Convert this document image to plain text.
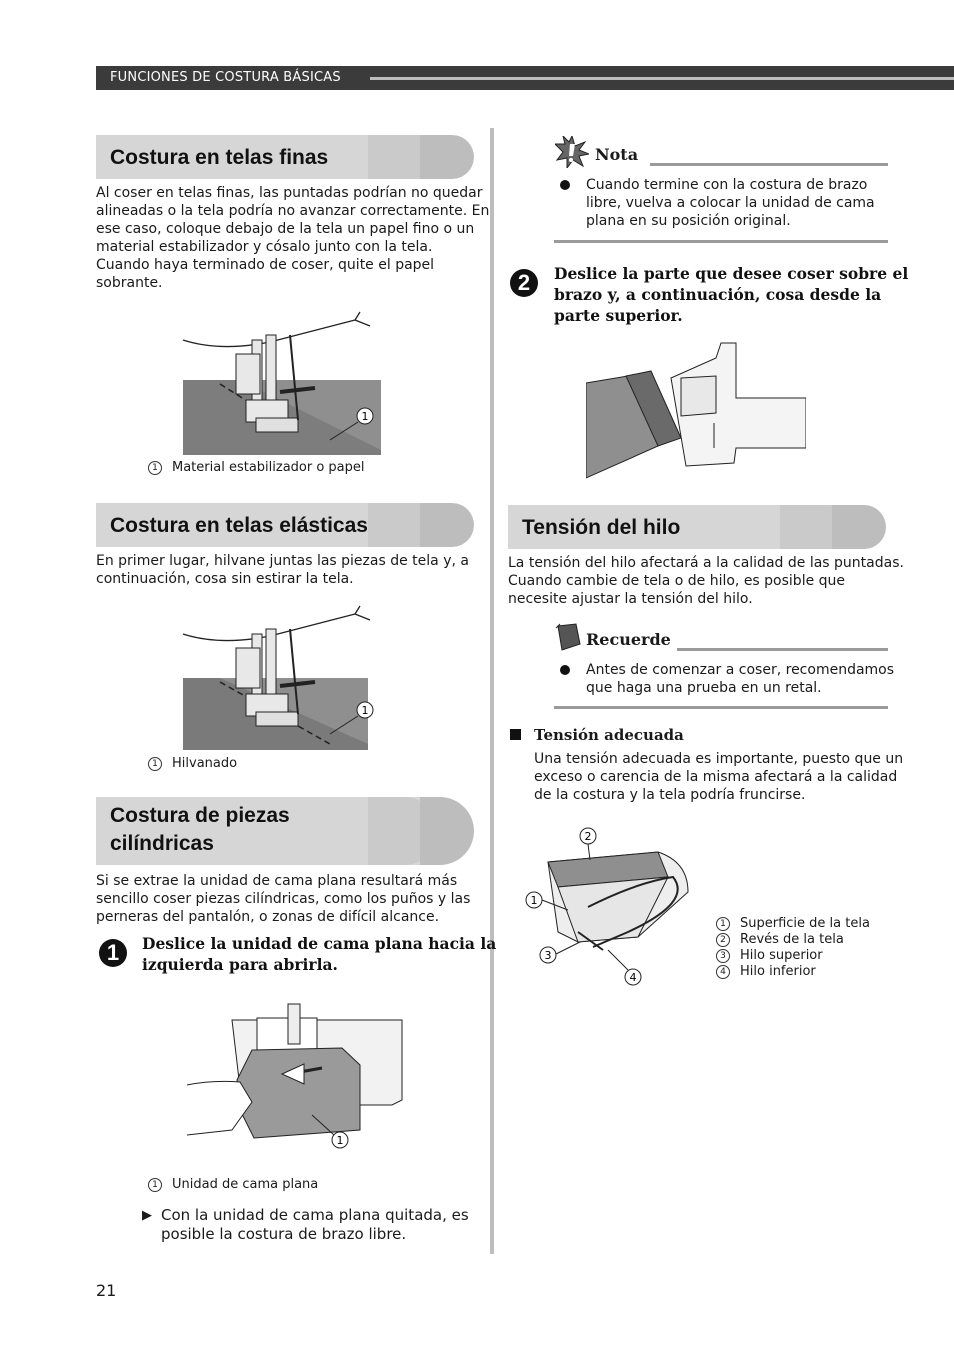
FUNCIONES DE COSTURA BÁSICAS
Costura en telas finas
Al coser en telas finas, las puntadas podrían no quedar
alineadas o la tela podría no avanzar correctamente. En
ese caso, coloque debajo de la tela un papel fino o un
material estabilizador y cósalo junto con la tela.
Cuando haya terminado de coser, quite el papel
sobrante.
1
1 Material estabilizador o papel
Costura en telas elásticas
En primer lugar, hilvane juntas las piezas de tela y, a
continuación, cosa sin estirar la tela.
1
1 Hilvanado
Costura de piezas
cilíndricas
Si se extrae la unidad de cama plana resultará más
sencillo coser piezas cilíndricas, como los puños y las
perneras del pantalón, o zonas de difícil alcance.
1	Deslice la unidad de cama plana hacia la
izquierda para abrirla.
1
1 Unidad de cama plana
▶ Con la unidad de cama plana quitada, es
posible la costura de brazo libre.
21
Nota
Cuando termine con la costura de brazo
libre, vuelva a colocar la unidad de cama
plana en su posición original.
2	Deslice la parte que desee coser sobre el
brazo y, a continuación, cosa desde la
parte superior.
Tensión del hilo
La tensión del hilo afectará a la calidad de las puntadas.
Cuando cambie de tela o de hilo, es posible que
necesite ajustar la tensión del hilo.
Recuerde
Antes de comenzar a coser, recomendamos
que haga una prueba en un retal.
Tensión adecuada
Una tensión adecuada es importante, puesto que un
exceso o carencia de la misma afectará a la calidad
de la costura y la tela podría fruncirse.
2
1
3
4
1 Superficie de la tela
2 Revés de la tela
3 Hilo superior
4 Hilo inferior
